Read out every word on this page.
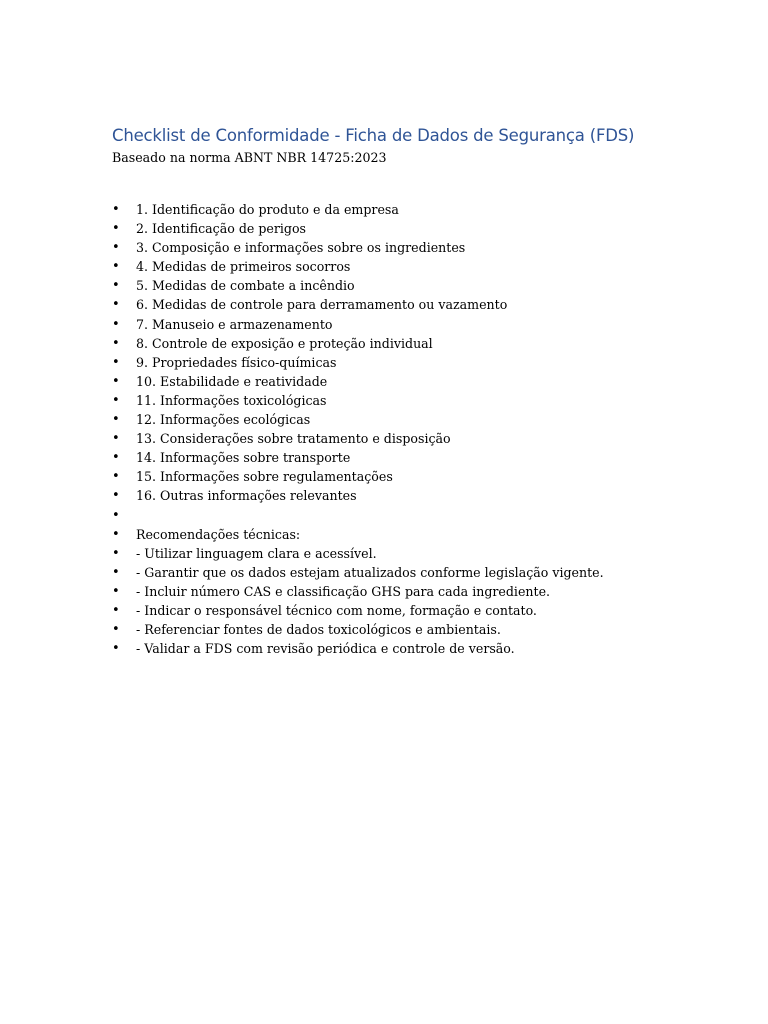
Checklist de Conformidade - Ficha de Dados de Segurança (FDS)

Baseado na norma ABNT NBR 14725:2023

• 1. Identificação do produto e da empresa
• 2. Identificação de perigos
• 3. Composição e informações sobre os ingredientes
• 4. Medidas de primeiros socorros
• 5. Medidas de combate a incêndio
• 6. Medidas de controle para derramamento ou vazamento
• 7. Manuseio e armazenamento
• 8. Controle de exposição e proteção individual
• 9. Propriedades físico-químicas
• 10. Estabilidade e reatividade
• 11. Informações toxicológicas
• 12. Informações ecológicas
• 13. Considerações sobre tratamento e disposição
• 14. Informações sobre transporte
• 15. Informações sobre regulamentações
• 16. Outras informações relevantes
•
• Recomendações técnicas:
• - Utilizar linguagem clara e acessível.
• - Garantir que os dados estejam atualizados conforme legislação vigente.
• - Incluir número CAS e classificação GHS para cada ingrediente.
• - Indicar o responsável técnico com nome, formação e contato.
• - Referenciar fontes de dados toxicológicos e ambientais.
• - Validar a FDS com revisão periódica e controle de versão.
